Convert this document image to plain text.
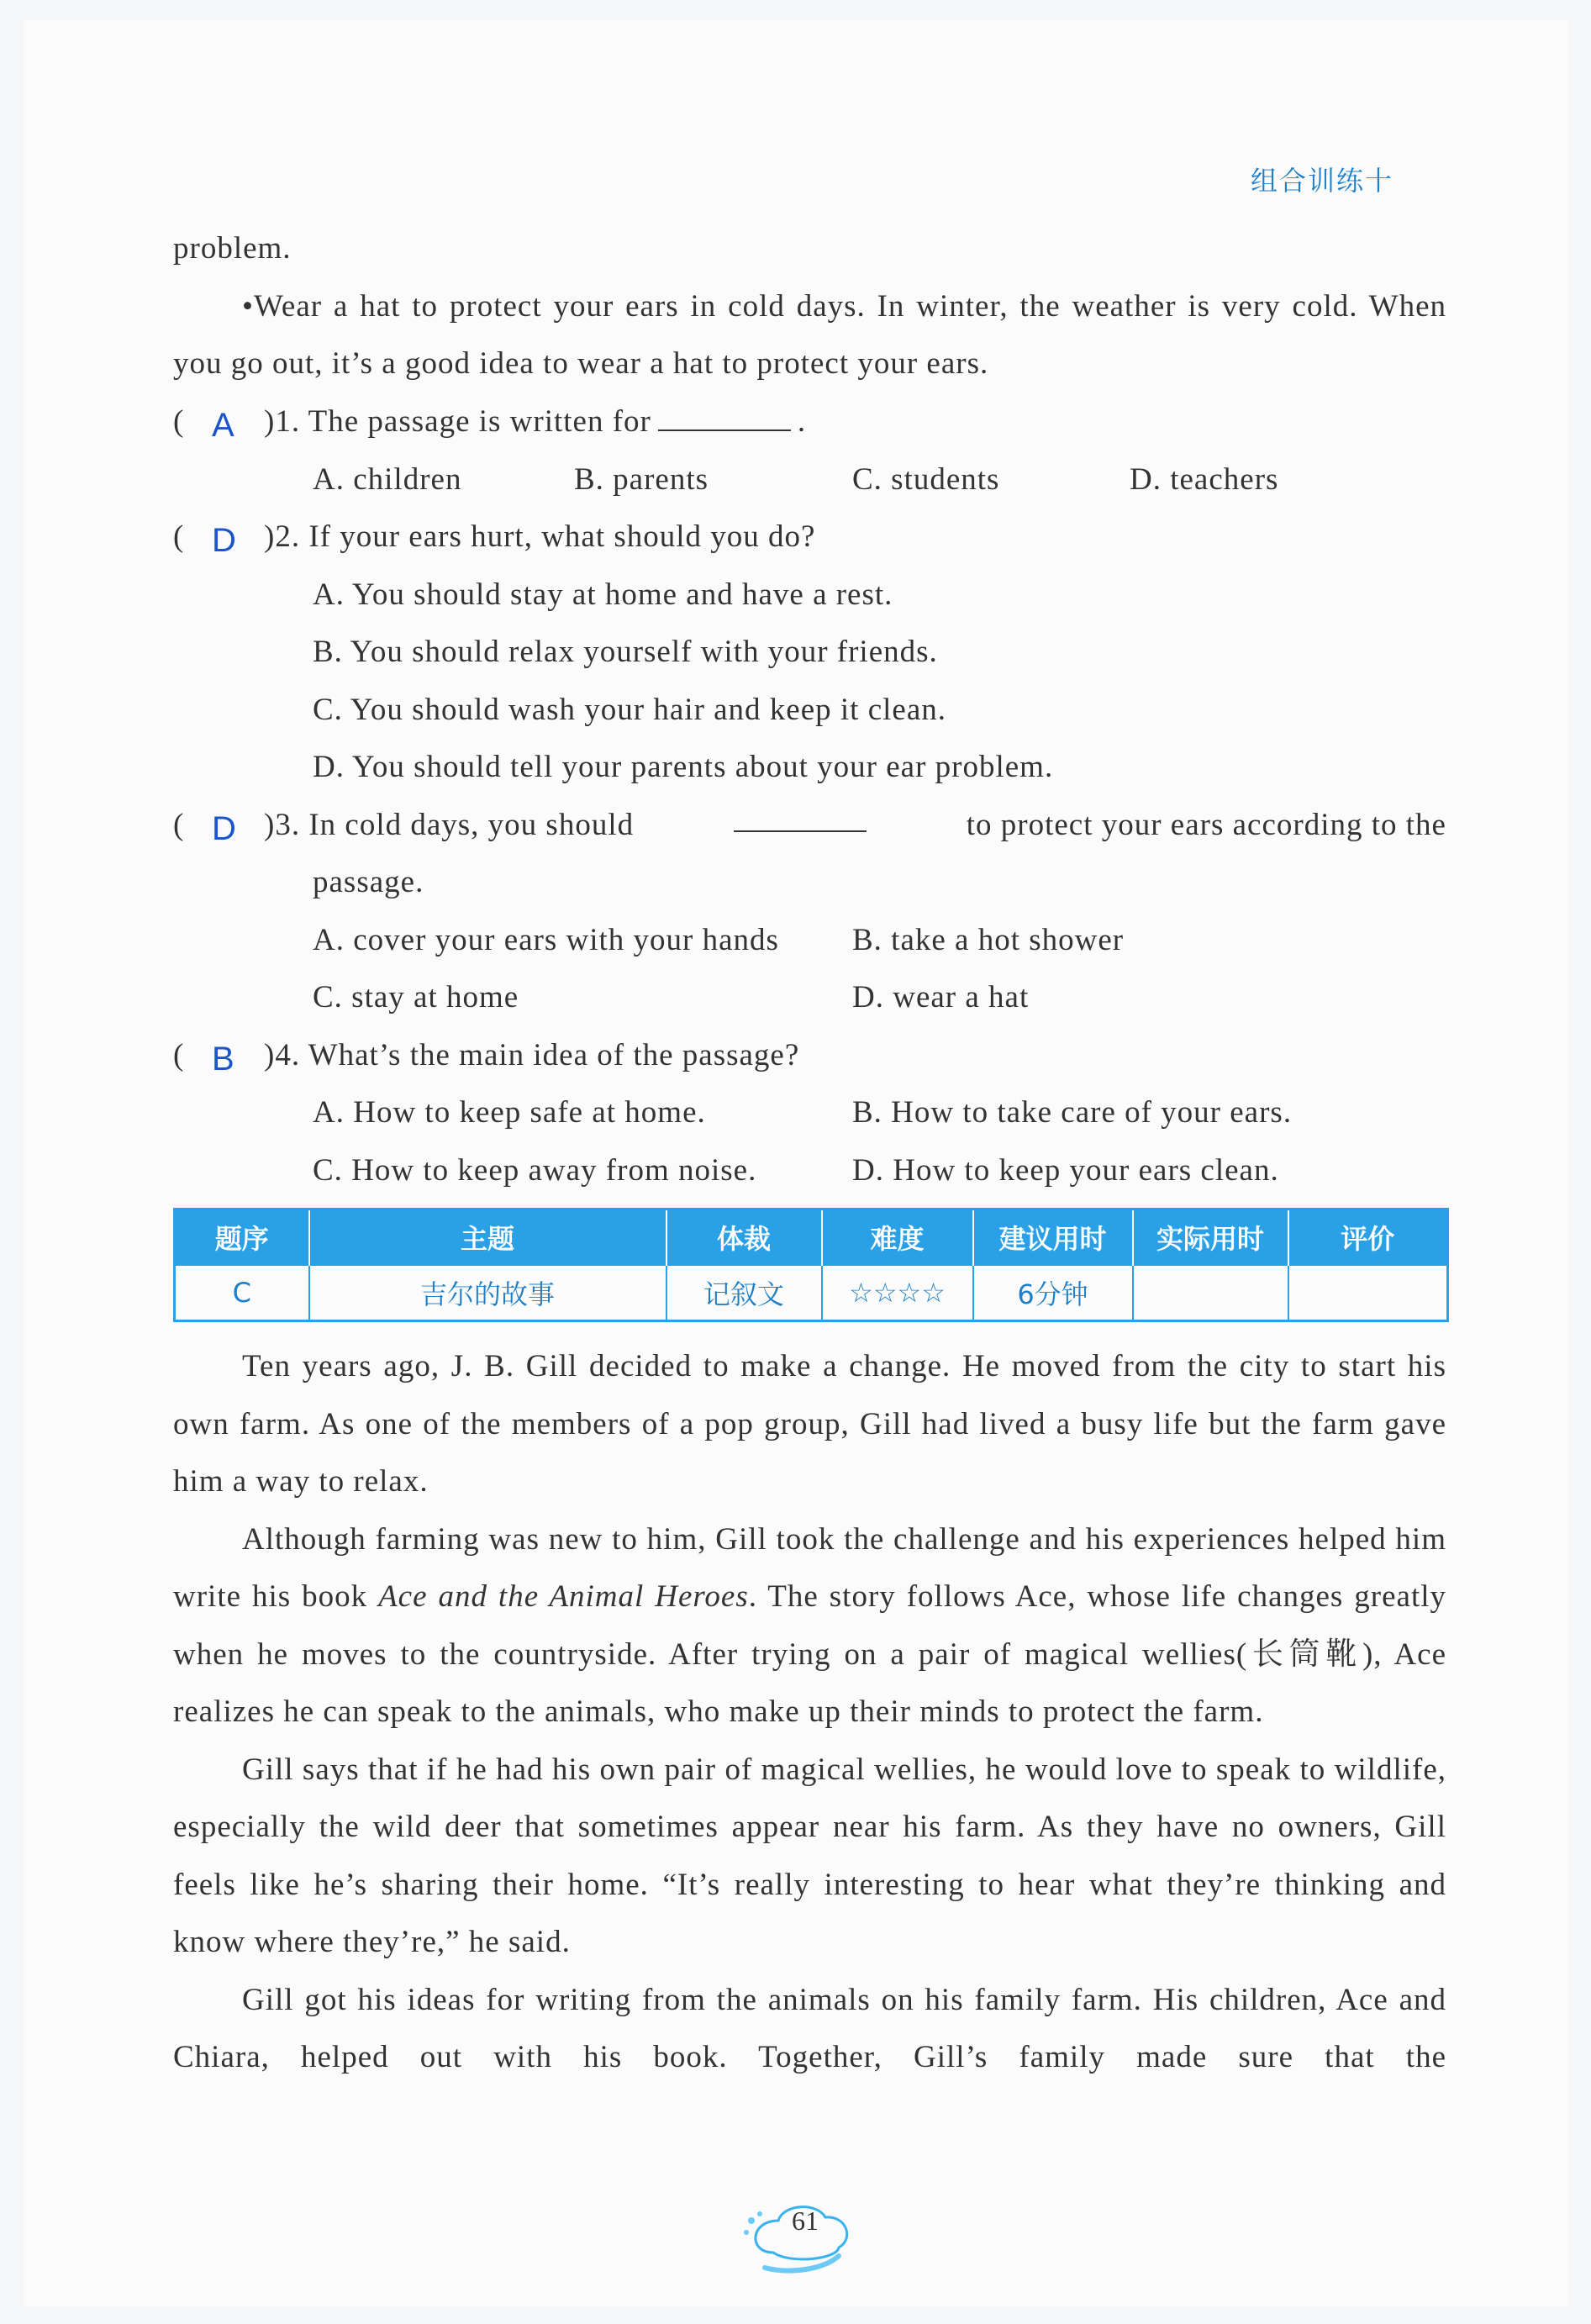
组合训练十
problem.
•Wear a hat to protect your ears in cold days. In winter, the weather is very cold. When you go out, it’s a good idea to wear a hat to protect your ears.
( A )1. The passage is written for	.
A. children	B. parents	C. students	D. teachers
( D )2. If your ears hurt, what should you do?
A. You should stay at home and have a rest.
B. You should relax yourself with your friends.
C. You should wash your hair and keep it clean.
D. You should tell your parents about your ear problem.
( D )3. In cold days, you should	to protect your ears according to the
passage.
A. cover your ears with your hands B. take a hot shower
C. stay at home	D. wear a hat
( B )4. What’s the main idea of the passage?
A. How to keep safe at home.	B. How to take care of your ears.
C. How to keep away from noise.	D. How to keep your ears clean.
题序	主题	体裁	难度	建议用时	实际用时	评价
C	吉尔的故事	记叙文	☆☆☆☆	6分钟		
Ten years ago, J. B. Gill decided to make a change. He moved from the city to start his own farm. As one of the members of a pop group, Gill had lived a busy life but the farm gave him a way to relax.
Although farming was new to him, Gill took the challenge and his experiences helped him write his book Ace and the Animal Heroes. The story follows Ace, whose life changes greatly when he moves to the countryside. After trying on a pair of magical wellies(长筒靴), Ace realizes he can speak to the animals, who make up their minds to protect the farm.
Gill says that if he had his own pair of magical wellies, he would love to speak to wildlife, especially the wild deer that sometimes appear near his farm. As they have no owners, Gill feels like he’s sharing their home. “It’s really interesting to hear what they’re thinking and know where they’re,” he said.
Gill got his ideas for writing from the animals on his family farm. His children, Ace and Chiara, helped out with his book. Together, Gill’s family made sure that the
61
